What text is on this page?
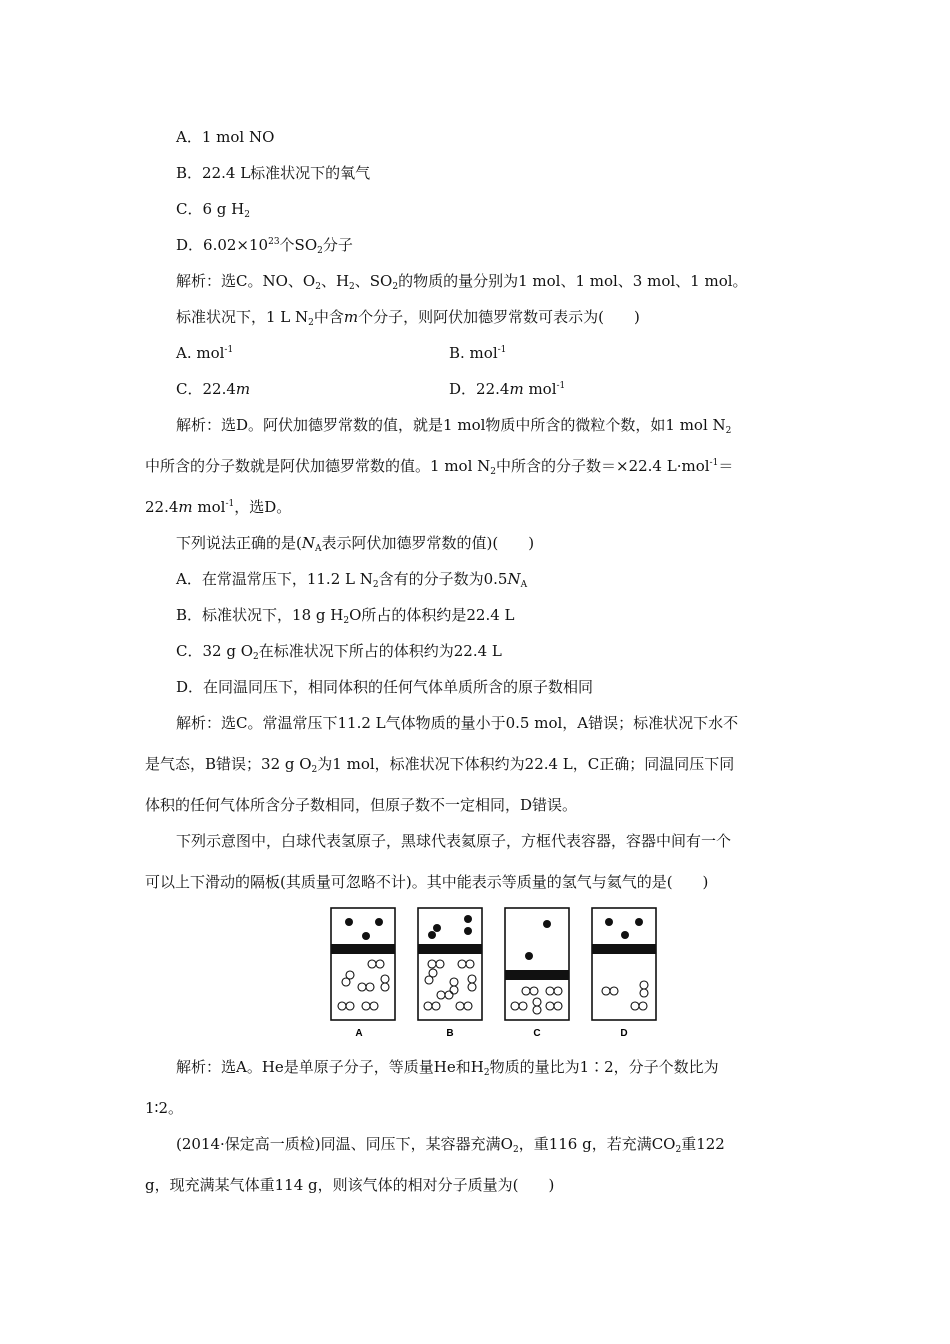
A．1 mol NO
B．22.4 L标准状况下的氧气
C．6 g $H_2$
D．$6.02\times 10^{23}$个$SO_2$分子
解析：选C。NO、$O_2$、$H_2$、$SO_2$的物质的量分别为1 mol、1 mol、3 mol、1 mol。
标准状况下，1 L $N_2$中含m个分子，则阿伏加德罗常数可表示为(　　)
A. mol$^{-1}$	B. mol$^{-1}$
C．22.4m	D．22.4m mol$^{-1}$
解析：选D。阿伏加德罗常数的值，就是1 mol物质中所含的微粒个数，如1 mol $N_2$
中所含的分子数就是阿伏加德罗常数的值。1 mol $N_2$中所含的分子数＝×22.4 L·mol$^{-1}$＝
22.4m mol$^{-1}$，选D。
下列说法正确的是($N_A$表示阿伏加德罗常数的值)(　　)
A．在常温常压下，11.2 L $N_2$含有的分子数为$0.5N_A$
B．标准状况下，18 g $H_2O$所占的体积约是22.4 L
C．32 g $O_2$在标准状况下所占的体积约为22.4 L
D．在同温同压下，相同体积的任何气体单质所含的原子数相同
解析：选C。常温常压下11.2 L气体物质的量小于0.5 mol，A错误；标准状况下水不
是气态，B错误；32 g $O_2$为1 mol，标准状况下体积约为22.4 L，C正确；同温同压下同
体积的任何气体所含分子数相同，但原子数不一定相同，D错误。
下列示意图中，白球代表氢原子，黑球代表氦原子，方框代表容器，容器中间有一个
可以上下滑动的隔板(其质量可忽略不计)。其中能表示等质量的氢气与氦气的是(　　)
A	B	C	D
解析：选A。He是单原子分子，等质量He和$H_2$物质的量比为1∶2，分子个数比为
1∶2。
(2014·保定高一质检)同温、同压下，某容器充满$O_2$，重116 g，若充满$CO_2$重122
g，现充满某气体重114 g，则该气体的相对分子质量为(　　)
